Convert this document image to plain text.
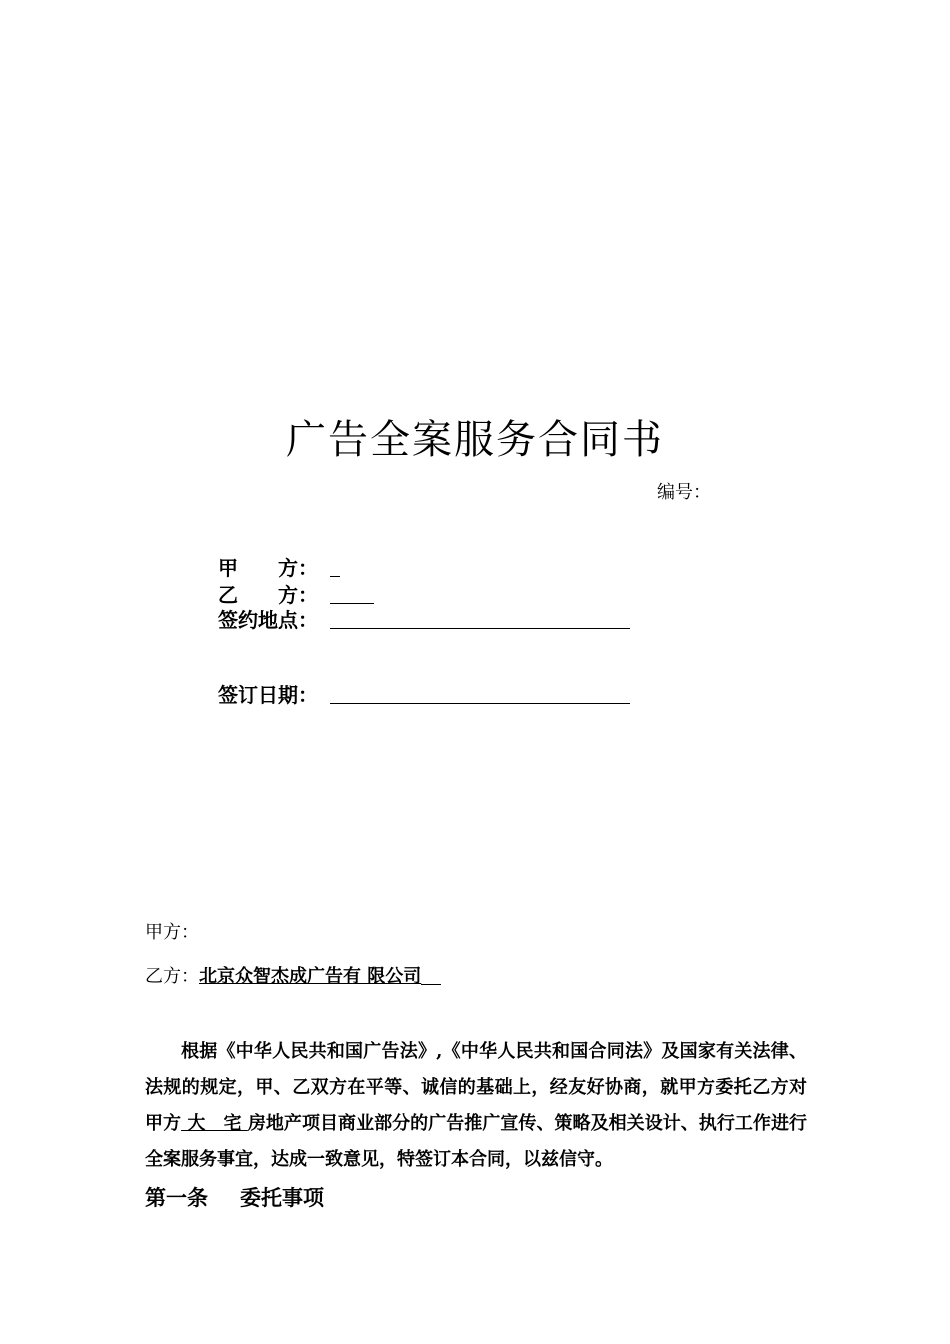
广告全案服务合同书
编号：
甲　　方：
乙　　方：
签约地点：
签订日期：
甲方：
乙方：北京众智杰成广告有 限公司

根据《中华人民共和国广告法》,《中华人民共和国合同法》及国家有关法律、法规的规定，甲、乙双方在平等、诚信的基础上，经友好协商，就甲方委托乙方对甲方 大　宅 房地产项目商业部分的广告推广宣传、策略及相关设计、执行工作进行全案服务事宜，达成一致意见，特签订本合同，以兹信守。

第一条 委托事项
